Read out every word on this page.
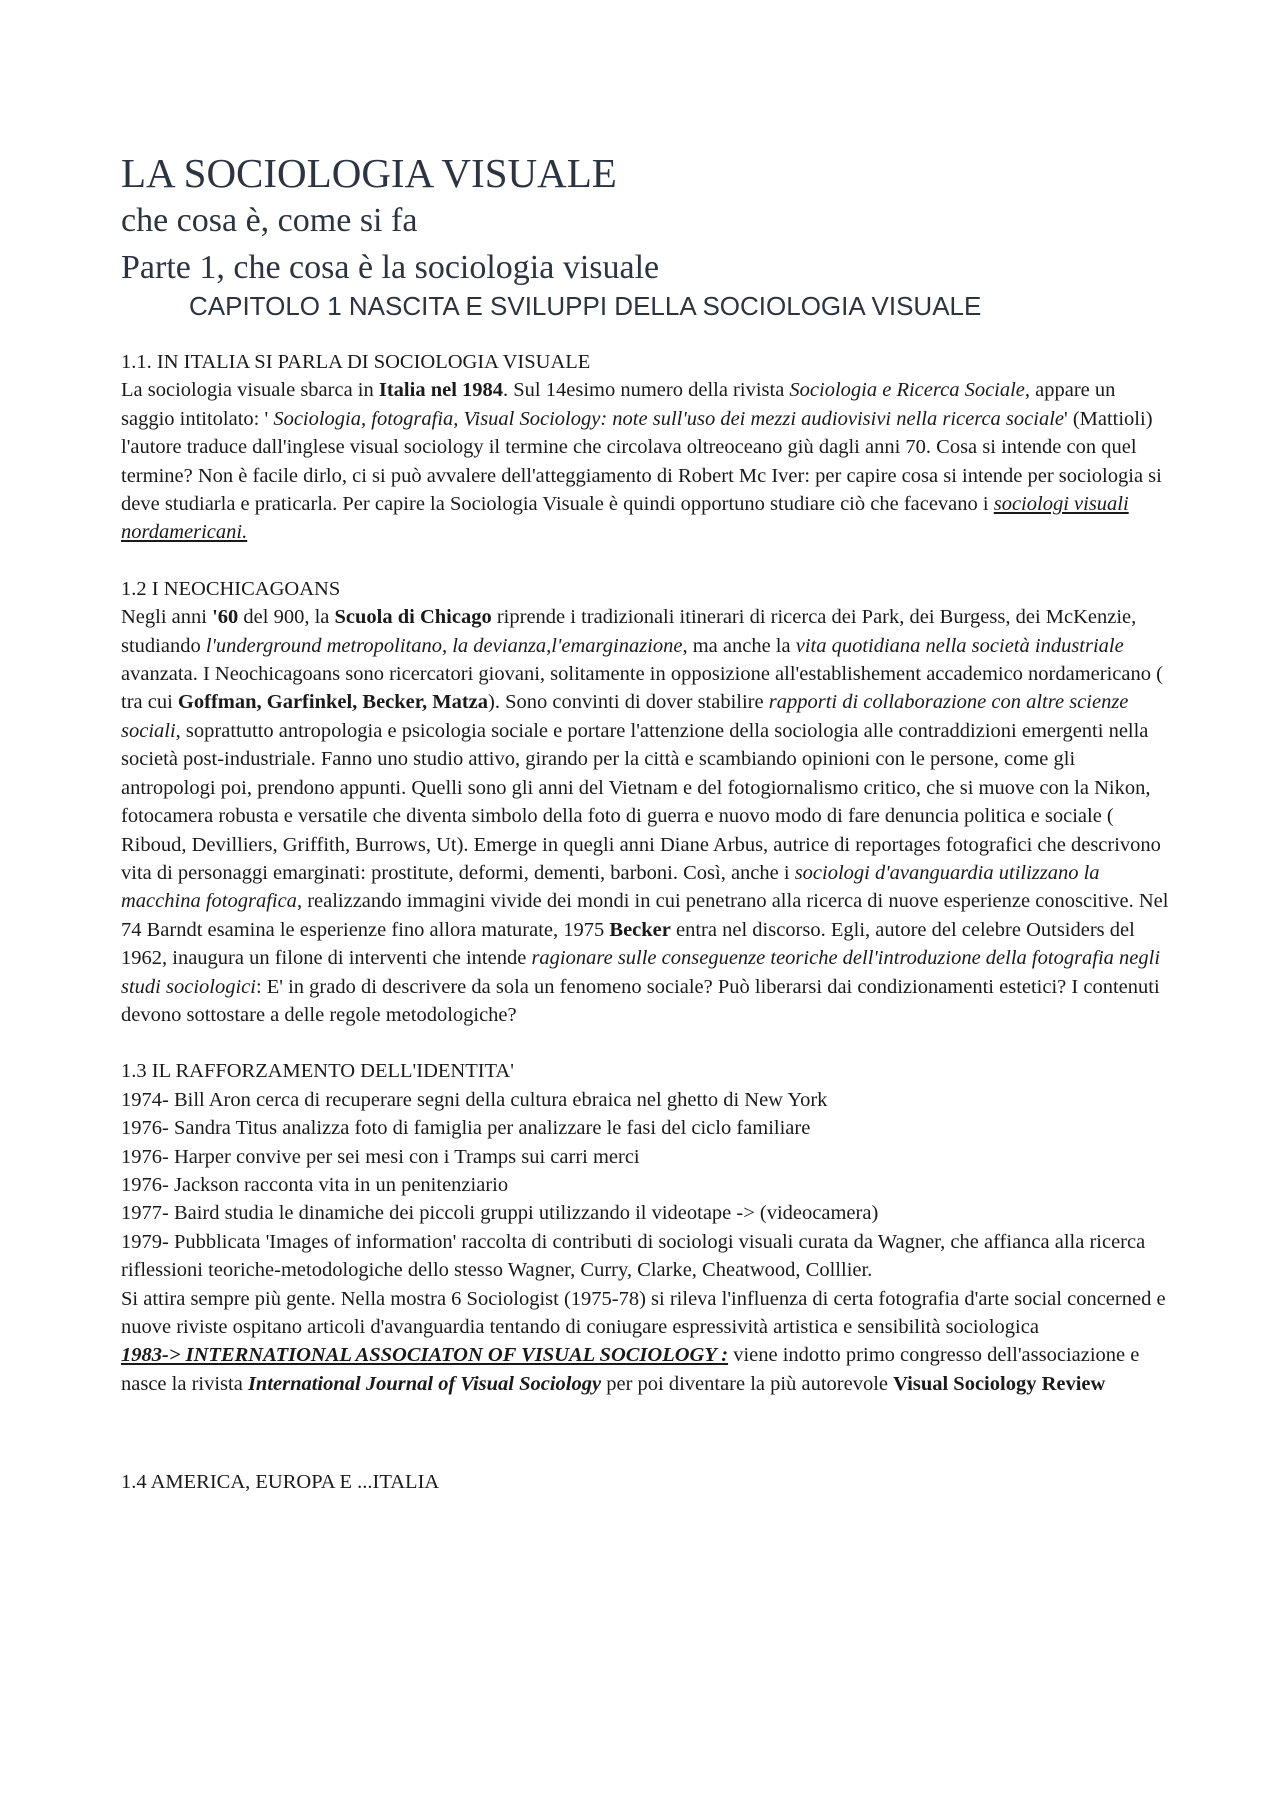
LA SOCIOLOGIA VISUALE
che cosa è, come si fa
Parte 1, che cosa è la sociologia visuale
CAPITOLO 1 NASCITA E SVILUPPI DELLA SOCIOLOGIA VISUALE

1.1. IN ITALIA SI PARLA DI SOCIOLOGIA VISUALE

La sociologia visuale sbarca in Italia nel 1984. Sul 14esimo numero della rivista Sociologia e Ricerca Sociale, appare un saggio intitolato: ' Sociologia, fotografia, Visual Sociology: note sull'uso dei mezzi audiovisivi nella ricerca sociale' (Mattioli) l'autore traduce dall'inglese visual sociology il termine che circolava oltreoceano giù dagli anni 70. Cosa si intende con quel termine? Non è facile dirlo, ci si può avvalere dell'atteggiamento di Robert Mc Iver: per capire cosa si intende per sociologia si deve studiarla e praticarla. Per capire la Sociologia Visuale è quindi opportuno studiare ciò che facevano i sociologi visuali nordamericani.

1.2 I NEOCHICAGOANS

Negli anni '60 del 900, la Scuola di Chicago riprende i tradizionali itinerari di ricerca dei Park, dei Burgess, dei McKenzie, studiando l'underground metropolitano, la devianza,l'emarginazione, ma anche la vita quotidiana nella società industriale avanzata. I Neochicagoans sono ricercatori giovani, solitamente in opposizione all'establishement accademico nordamericano ( tra cui Goffman, Garfinkel, Becker, Matza). Sono convinti di dover stabilire rapporti di collaborazione con altre scienze sociali, soprattutto antropologia e psicologia sociale e portare l'attenzione della sociologia alle contraddizioni emergenti nella società post-industriale. Fanno uno studio attivo, girando per la città e scambiando opinioni con le persone, come gli antropologi poi, prendono appunti. Quelli sono gli anni del Vietnam e del fotogiornalismo critico, che si muove con la Nikon, fotocamera robusta e versatile che diventa simbolo della foto di guerra e nuovo modo di fare denuncia politica e sociale ( Riboud, Devilliers, Griffith, Burrows, Ut). Emerge in quegli anni Diane Arbus, autrice di reportages fotografici che descrivono vita di personaggi emarginati: prostitute, deformi, dementi, barboni. Così, anche i sociologi d'avanguardia utilizzano la macchina fotografica, realizzando immagini vivide dei mondi in cui penetrano alla ricerca di nuove esperienze conoscitive. Nel 74 Barndt esamina le esperienze fino allora maturate, 1975 Becker entra nel discorso. Egli, autore del celebre Outsiders del 1962, inaugura un filone di interventi che intende ragionare sulle conseguenze teoriche dell'introduzione della fotografia negli studi sociologici: E' in grado di descrivere da sola un fenomeno sociale? Può liberarsi dai condizionamenti estetici? I contenuti devono sottostare a delle regole metodologiche?

1.3 IL RAFFORZAMENTO DELL'IDENTITA'

1974- Bill Aron cerca di recuperare segni della cultura ebraica nel ghetto di New York

1976- Sandra Titus analizza foto di famiglia per analizzare le fasi del ciclo familiare

1976- Harper convive per sei mesi con i Tramps sui carri merci

1976- Jackson racconta vita in un penitenziario

1977- Baird studia le dinamiche dei piccoli gruppi utilizzando il videotape -> (videocamera)

1979- Pubblicata 'Images of information' raccolta di contributi di sociologi visuali curata da Wagner, che affianca alla ricerca riflessioni teoriche-metodologiche dello stesso Wagner, Curry, Clarke, Cheatwood, Colllier.

Si attira sempre più gente. Nella mostra 6 Sociologist (1975-78) si rileva l'influenza di certa fotografia d'arte social concerned e nuove riviste ospitano articoli d'avanguardia tentando di coniugare espressività artistica e sensibilità sociologica

1983-> INTERNATIONAL ASSOCIATON OF VISUAL SOCIOLOGY : viene indotto primo congresso dell'associazione e nasce la rivista International Journal of Visual Sociology per poi diventare la più autorevole Visual Sociology Review

1.4 AMERICA, EUROPA E ...ITALIA
